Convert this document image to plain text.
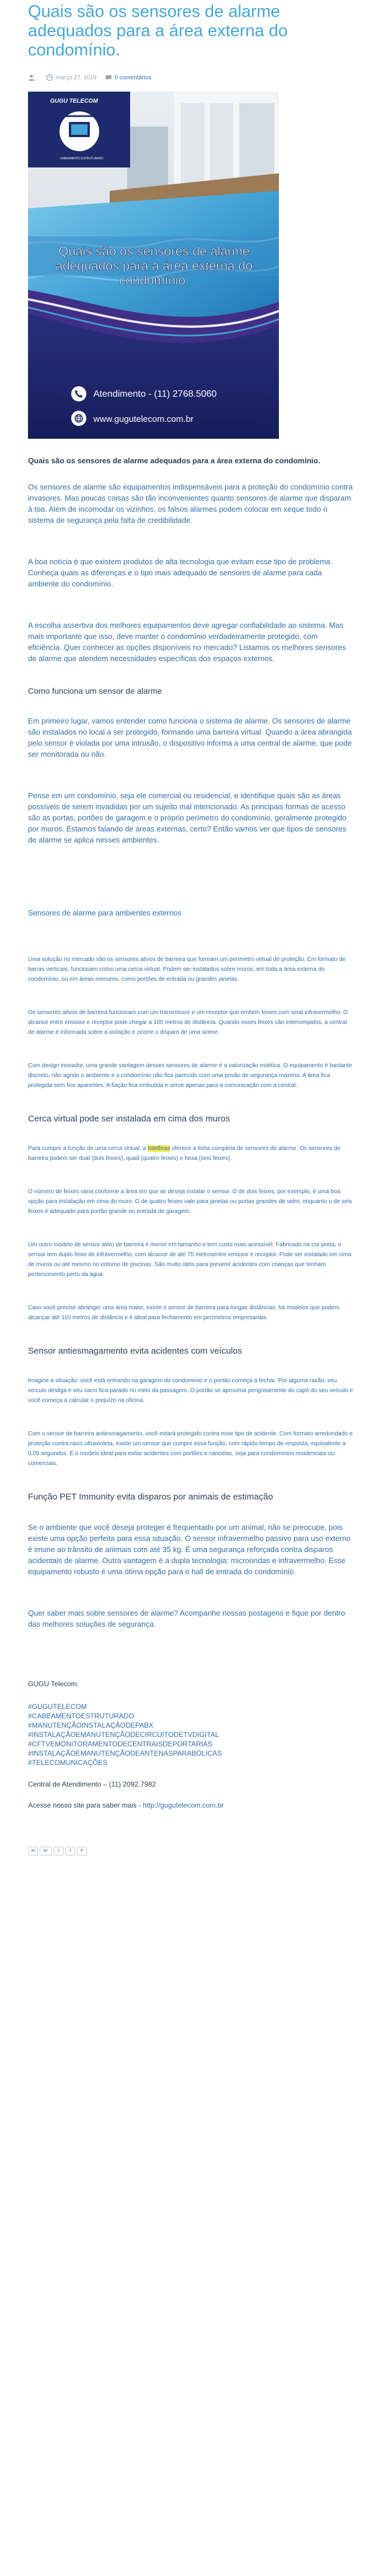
Quais são os sensores de alarme adequados para a área externa do condomínio.
março 27, 2019	0 comentários
GUGU TELECOM
CABEAMENTO ESTRUTURADO
Quais são os sensores de alarme adequados para a área externa do condomínio.
Atendimento - (11) 2768.5060
www.gugutelecom.com.br

Quais são os sensores de alarme adequados para a área externa do condomínio.

Os sensores de alarme são equipamentos indispensáveis para a proteção do condomínio contra invasores. Mas poucas coisas são tão inconvenientes quanto sensores de alarme que disparam à toa. Além de incomodar os vizinhos, os falsos alarmes podem colocar em xeque todo o sistema de segurança pela falta de credibilidade.

A boa notícia é que existem produtos de alta tecnologia que evitam esse tipo de problema. Conheça quais as diferenças e o tipo mais adequado de sensores de alarme para cada ambiente do condomínio.

A escolha assertiva dos melhores equipamentos deve agregar confiabilidade ao sistema. Mas mais importante que isso, deve manter o condomínio verdadeiramente protegido, com eficiência. Quer conhecer as opções disponíveis no mercado? Listamos os melhores sensores de alarme que atendem necessidades específicas dos espaços externos.

Como funciona um sensor de alarme

Em primeiro lugar, vamos entender como funciona o sistema de alarme. Os sensores de alarme são instalados no local a ser protegido, formando uma barreira virtual. Quando a área abrangida pelo sensor é violada por uma intrusão, o dispositivo informa a uma central de alarme, que pode ser monitorada ou não.

Pense em um condomínio, seja ele comercial ou residencial, e identifique quais são as áreas possíveis de serem invadidas por um sujeito mal intencionado. As principais formas de acesso são as portas, portões de garagem e o próprio perímetro do condomínio, geralmente protegido por muros. Estamos falando de áreas externas, certo? Então vamos ver que tipos de sensores de alarme se aplica nesses ambientes.

Sensores de alarme para ambientes externos

Uma solução no mercado são os sensores ativos de barreira que formam um perímetro virtual de proteção. Em formato de barras verticais, funcionam como uma cerca virtual. Podem ser instalados sobre muros, em toda a área externa do condomínio, ou em áreas menores, como portões de entrada ou grandes janelas.

Os sensores ativos de barreira funcionam com um transmissor e um receptor que emitem feixes com sinal infravermelho. O alcance entre emissor e receptor pode chegar a 100 metros de distância. Quando esses feixes são interrompidos, a central de alarme é informada sobre a violação e ocorre o disparo de uma sirene.

Com design inovador, uma grande vantagem desses sensores de alarme é a valorização estética. O equipamento é bastante discreto, não agride o ambiente e o condomínio não fica parecido com uma prisão de segurança máxima. A área fica protegida sem fios aparentes. A fiação fica embutida e serve apenas para a comunicação com a central.

Cerca virtual pode ser instalada em cima dos muros

Para cumprir a função de uma cerca virtual, a Intelbras oferece a linha completa de sensores de alarme. Os sensores de barreira podem ser dual (dois feixes), quad (quatro feixes) e hexa (seis feixes).

O número de feixes varia conforme a área em que se deseja instalar o sensor. O de dois feixes, por exemplo, é uma boa opção para instalação em cima do muro. O de quatro feixes vale para janelas ou portas grandes de vidro, enquanto o de seis feixes é adequado para portão grande ou entrada de garagem.

Um outro modelo de sensor ativo de barreira é menor em tamanho e tem custo mais acessível. Fabricado na cor preta, o sensor tem duplo feixe de infravermelho, com alcance de até 70 metrosentre emissor e receptor. Pode ser instalado em cima de muros ou até mesmo no entorno de piscinas. São muito úteis para prevenir acidentes com crianças que tenham pertencimento perto da água.

Caso você precise abranger uma área maior, existe o sensor de barreira para longas distâncias: há modelos que podem alcançar até 110 metros de distância e é ideal para fechamento em perímetros empresariais.

Sensor antiesmagamento evita acidentes com veículos

Imagine a situação: você está entrando na garagem do condomínio e o portão começa a fechar. Por alguma razão, seu veículo desliga e seu carro fica parado no meio da passagem. O portão se aproxima perigosamente do capô do seu veículo e você começa a calcular o prejuízo na oficina.

Com o sensor de barreira antiesmagamento, você estará protegido contra esse tipo de acidente. Com formato arredondado e proteção contra raios ultravioleta, existe um sensor que cumpre essa função, com rápido tempo de resposta, equivalente a 0,05 segundos. É o modelo ideal para evitar acidentes com portões e cancelas, seja para condomínios residenciais ou comerciais.

Função PET Immunity evita disparos por animais de estimação

Se o ambiente que você deseja proteger é frequentado por um animal, não se preocupe, pois existe uma opção perfeita para essa situação. O sensor infravermelho passivo para uso externo é imune ao trânsito de animais com até 35 kg. É uma segurança reforçada contra disparos acidentais de alarme. Outra vantagem é a dupla tecnologia: microondas e infravermelho. Esse equipamento robusto é uma ótima opção para o hall de entrada do condomínio.

Quer saber mais sobre sensores de alarme? Acompanhe nossas postagens e fique por dentro das melhores soluções de segurança.

GUGU Telecom.
#GUGUTELECOM
#CABEAMENTOESTRUTURADO
#MANUTENÇÃOINSTALAÇÃODEPABX
#INSTALAÇÃOEMANUTENÇÃODECIRCUITODETVDIGITAL
#CFTVEMONITORAMENTODECENTRAISDEPORTARIAS
#INSTALAÇÃOEMANUTENÇÃODEANTENASPARABÓLICAS
#TELECOMUNICAÇÕES
Central de Atendimento – (11) 2092.7982
Acesse nosso site para saber mais - http://gugutelecom.com.br
M	B!	t	f	P
